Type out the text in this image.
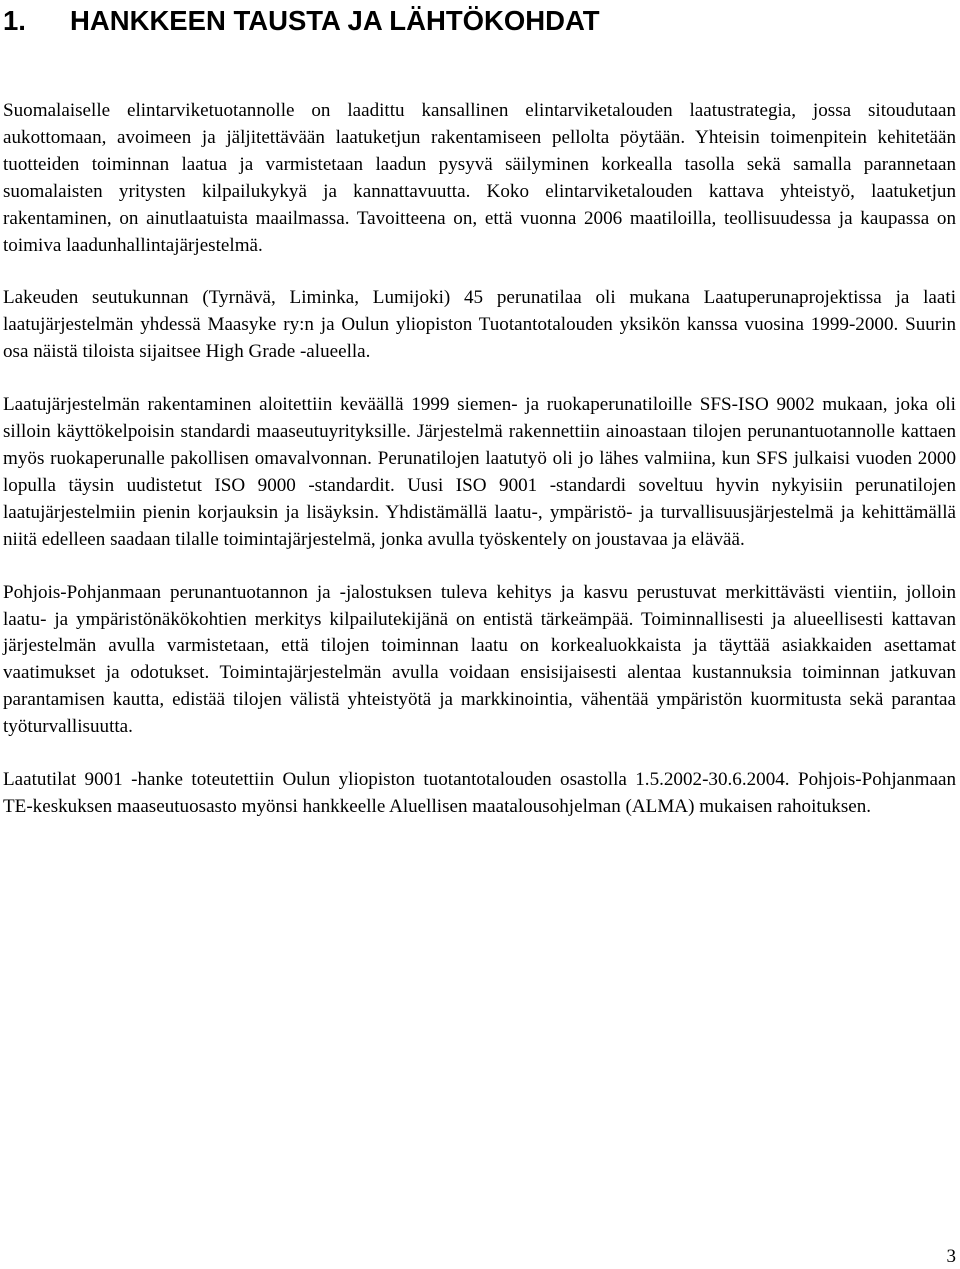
1. HANKKEEN TAUSTA JA LÄHTÖKOHDAT

Suomalaiselle elintarviketuotannolle on laadittu kansallinen elintarviketalouden laatustrategia, jossa sitoudutaan aukottomaan, avoimeen ja jäljitettävään laatuketjun rakentamiseen pellolta pöytään. Yhteisin toimenpitein kehitetään tuotteiden toiminnan laatua ja varmistetaan laadun pysyvä säilyminen korkealla tasolla sekä samalla parannetaan suomalaisten yritysten kilpailukykyä ja kannattavuutta. Koko elintarviketalouden kattava yhteistyö, laatuketjun rakentaminen, on ainutlaatuista maailmassa. Tavoitteena on, että vuonna 2006 maatiloilla, teollisuudessa ja kaupassa on toimiva laadunhallintajärjestelmä.

Lakeuden seutukunnan (Tyrnävä, Liminka, Lumijoki) 45 perunatilaa oli mukana Laatuperunaprojektissa ja laati laatujärjestelmän yhdessä Maasyke ry:n ja Oulun yliopiston Tuotantotalouden yksikön kanssa vuosina 1999-2000. Suurin osa näistä tiloista sijaitsee High Grade -alueella.

Laatujärjestelmän rakentaminen aloitettiin keväällä 1999 siemen- ja ruokaperunatiloille SFS-ISO 9002 mukaan, joka oli silloin käyttökelpoisin standardi maaseutuyrityksille. Järjestelmä rakennettiin ainoastaan tilojen perunantuotannolle kattaen myös ruokaperunalle pakollisen omavalvonnan. Perunatilojen laatutyö oli jo lähes valmiina, kun SFS julkaisi vuoden 2000 lopulla täysin uudistetut ISO 9000 -standardit. Uusi ISO 9001 -standardi soveltuu hyvin nykyisiin perunatilojen laatujärjestelmiin pienin korjauksin ja lisäyksin. Yhdistämällä laatu-, ympäristö- ja turvallisuusjärjestelmä ja kehittämällä niitä edelleen saadaan tilalle toimintajärjestelmä, jonka avulla työskentely on joustavaa ja elävää.

Pohjois-Pohjanmaan perunantuotannon ja -jalostuksen tuleva kehitys ja kasvu perustuvat merkittävästi vientiin, jolloin laatu- ja ympäristönäkökohtien merkitys kilpailutekijänä on entistä tärkeämpää. Toiminnallisesti ja alueellisesti kattavan järjestelmän avulla varmistetaan, että tilojen toiminnan laatu on korkealuokkaista ja täyttää asiakkaiden asettamat vaatimukset ja odotukset. Toimintajärjestelmän avulla voidaan ensisijaisesti alentaa kustannuksia toiminnan jatkuvan parantamisen kautta, edistää tilojen välistä yhteistyötä ja markkinointia, vähentää ympäristön kuormitusta sekä parantaa työturvallisuutta.

Laatutilat 9001 -hanke toteutettiin Oulun yliopiston tuotantotalouden osastolla 1.5.2002-30.6.2004. Pohjois-Pohjanmaan TE-keskuksen maaseutuosasto myönsi hankkeelle Aluellisen maatalousohjelman (ALMA) mukaisen rahoituksen.

3
